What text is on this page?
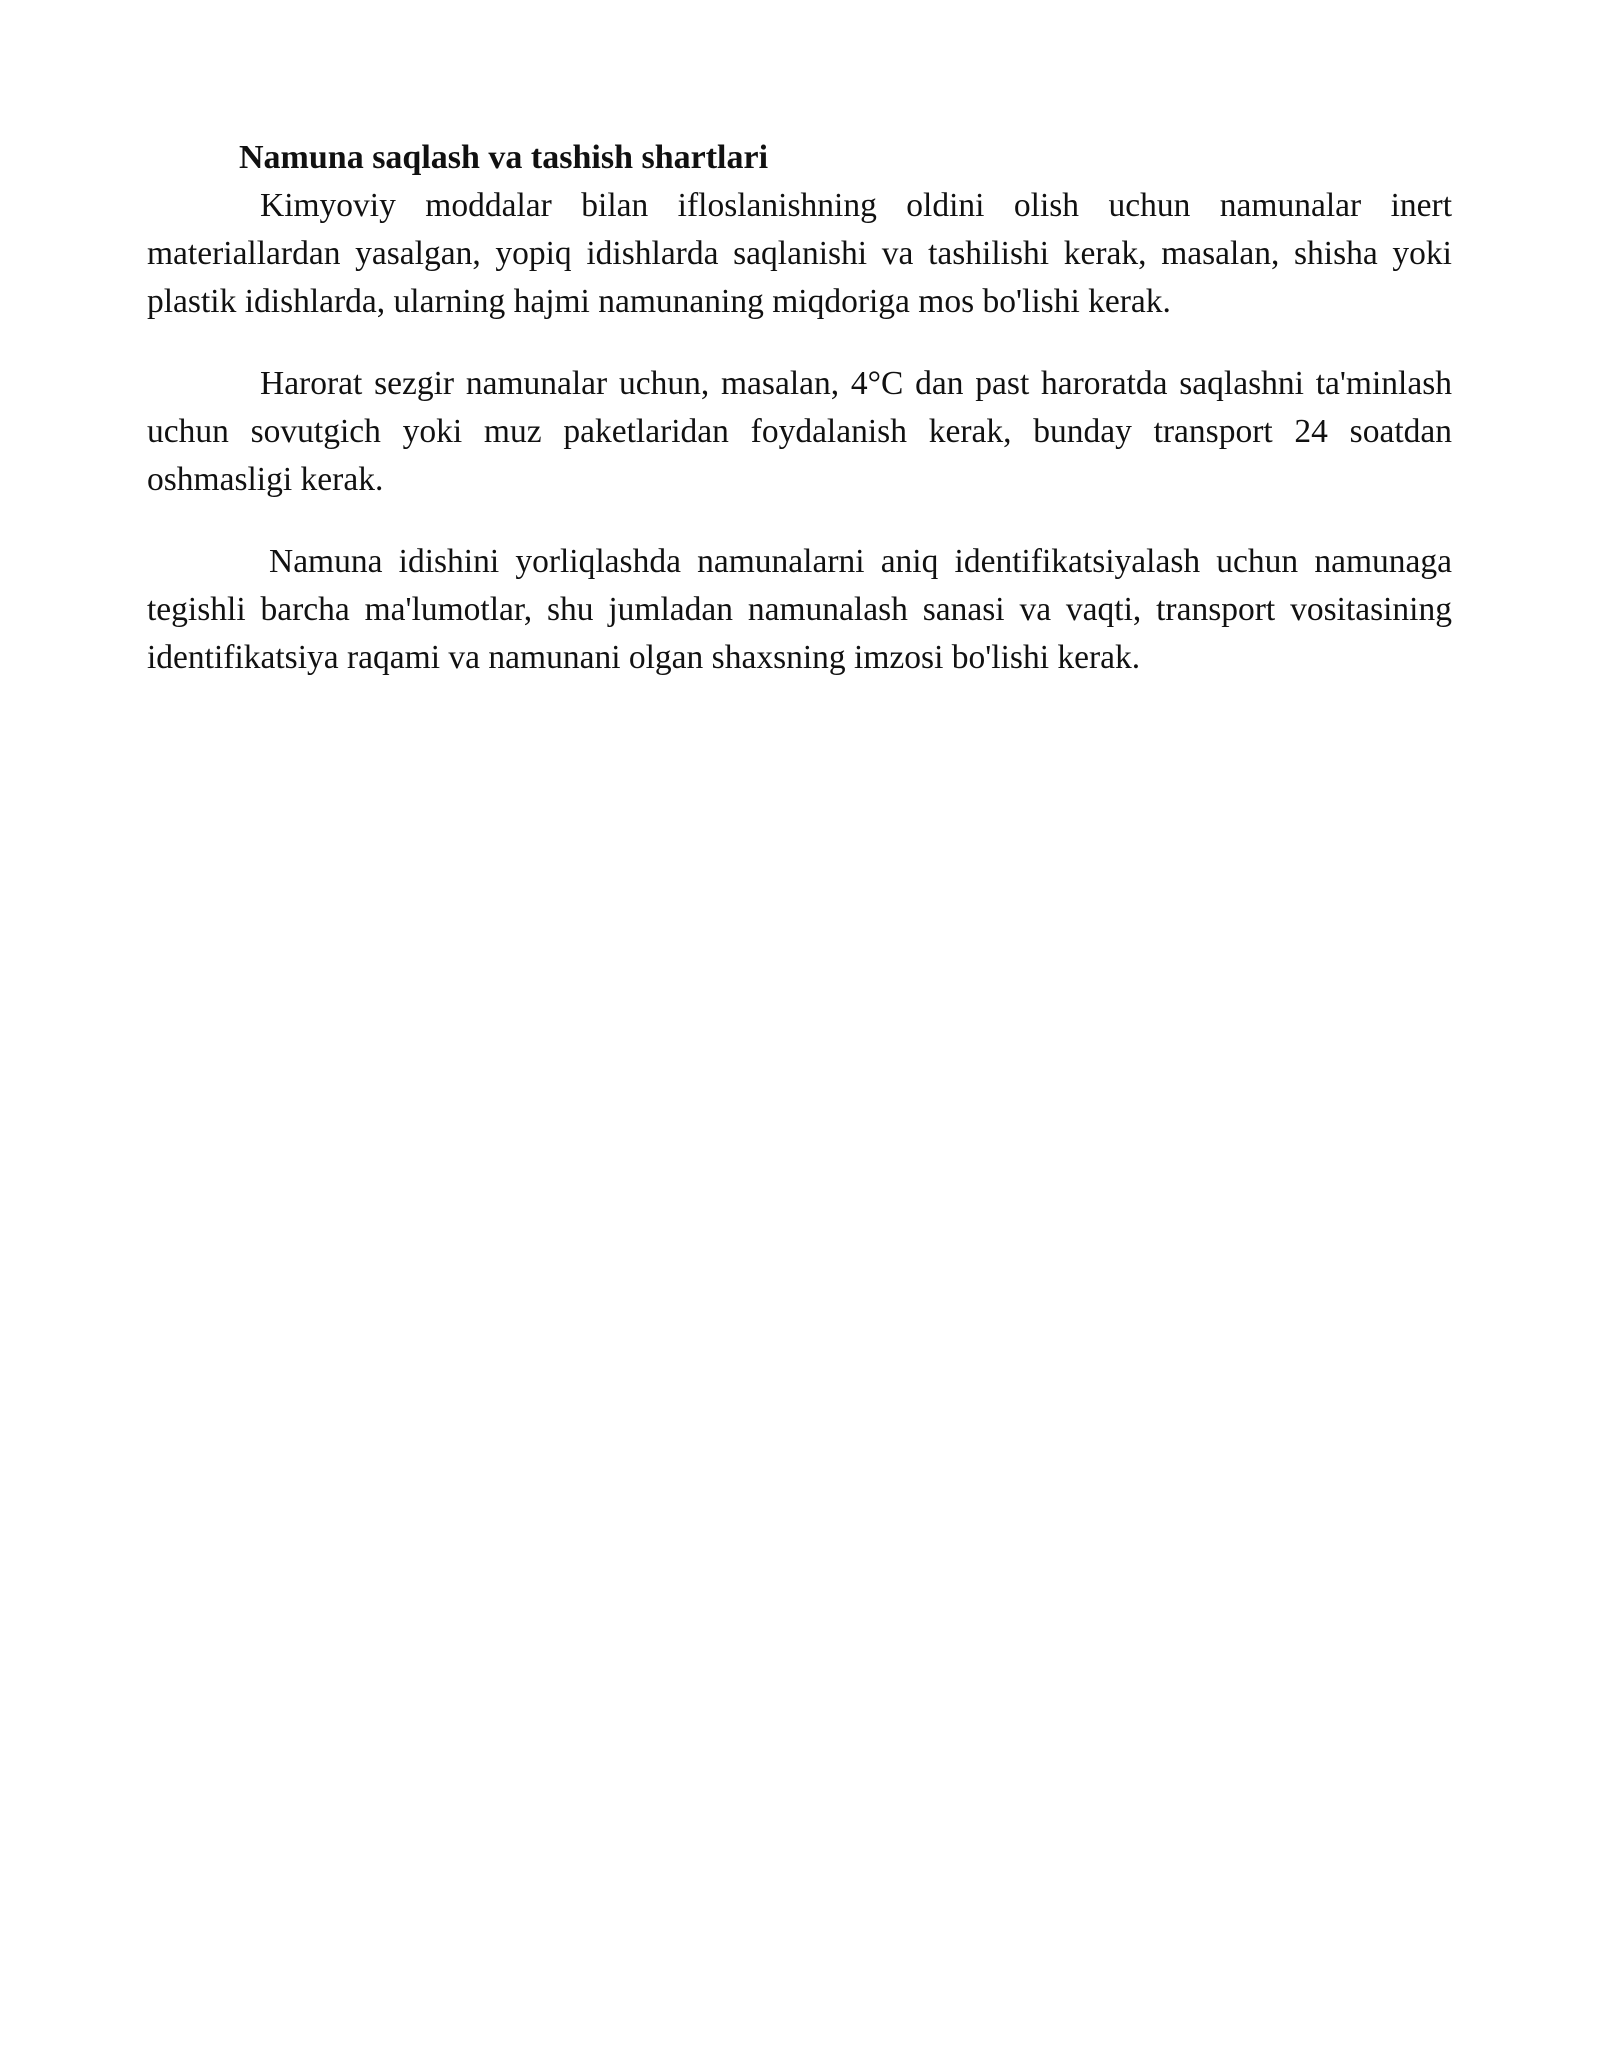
Namuna saqlash va tashish shartlari

Kimyoviy moddalar bilan ifloslanishning oldini olish uchun namunalar inert materiallardan yasalgan, yopiq idishlarda saqlanishi va tashilishi kerak, masalan, shisha yoki plastik idishlarda, ularning hajmi namunaning miqdoriga mos bo'lishi kerak.

Harorat sezgir namunalar uchun, masalan, 4°C dan past haroratda saqlashni ta'minlash uchun sovutgich yoki muz paketlaridan foydalanish kerak, bunday transport 24 soatdan oshmasligi kerak.

Namuna idishini yorliqlashda namunalarni aniq identifikatsiyalash uchun namunaga tegishli barcha ma'lumotlar, shu jumladan namunalash sanasi va vaqti, transport vositasining identifikatsiya raqami va namunani olgan shaxsning imzosi bo'lishi kerak.
